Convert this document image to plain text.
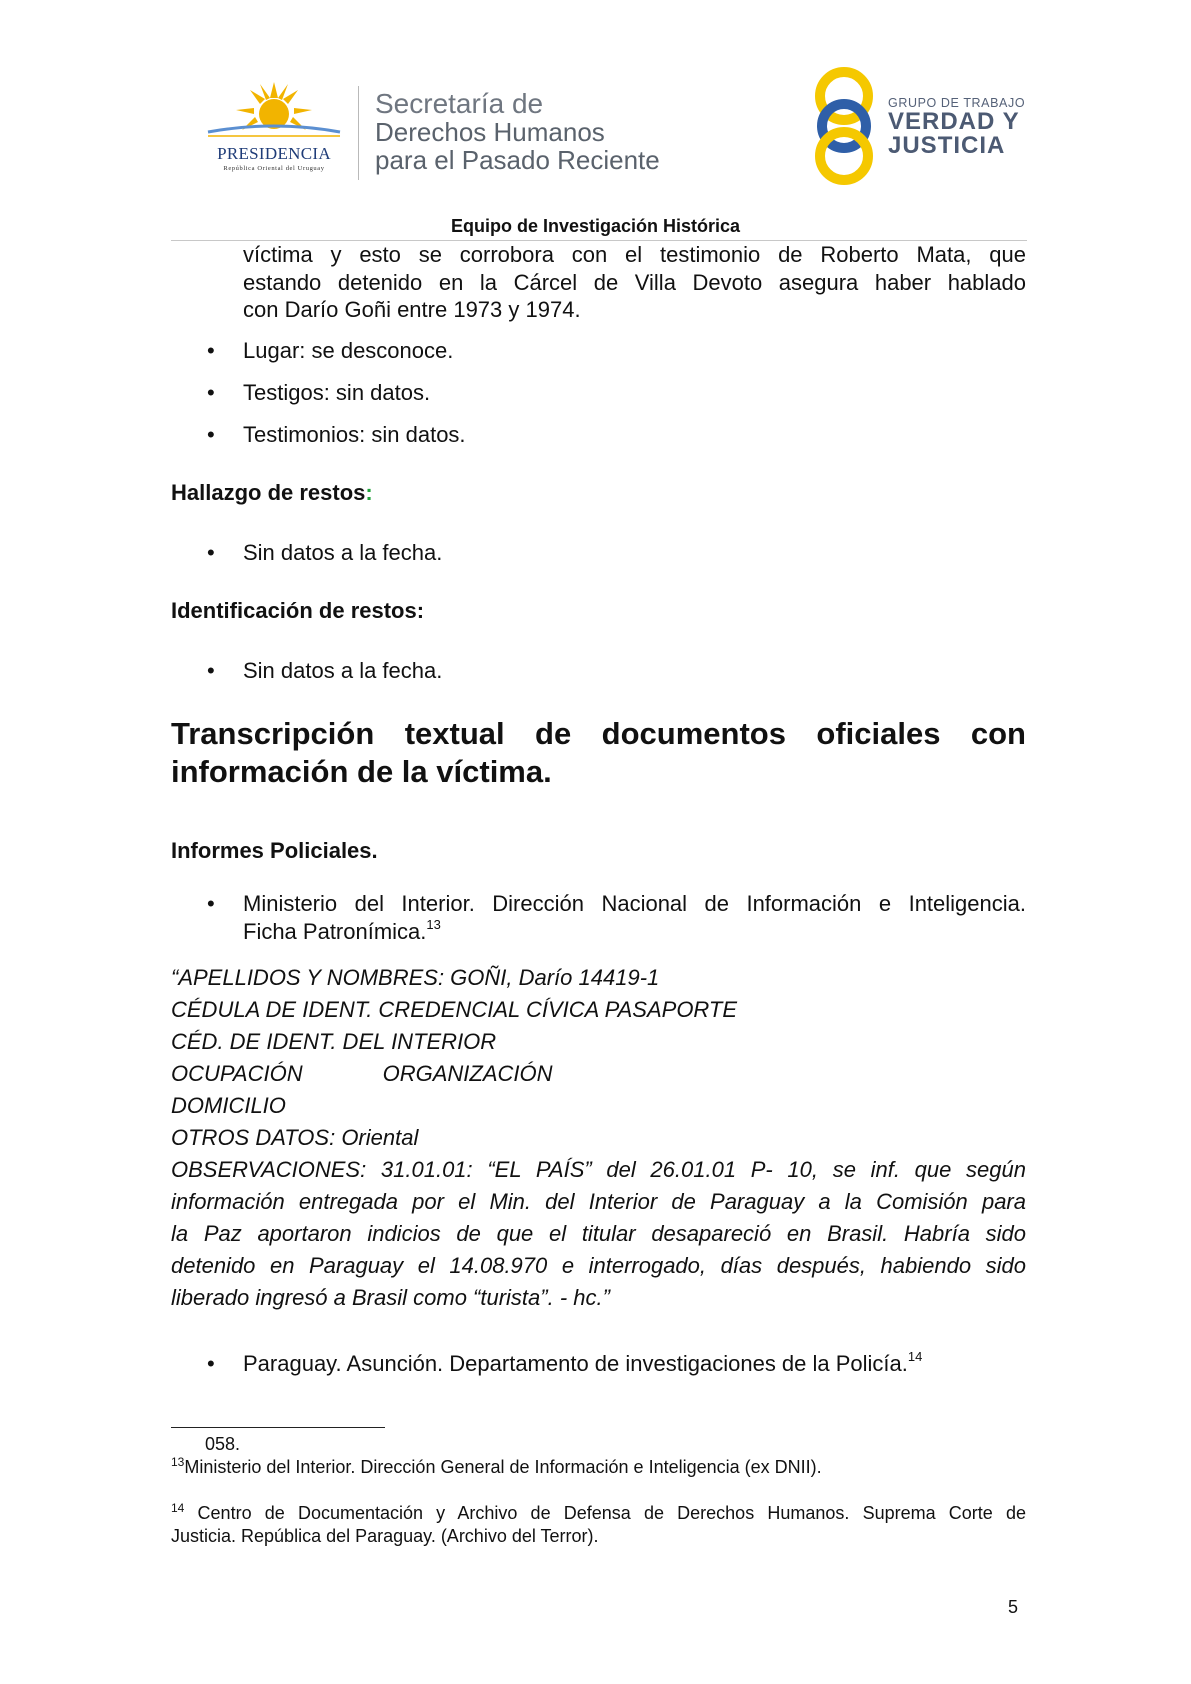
PRESIDENCIA
República Oriental del Uruguay
Secretaría de
Derechos Humanos
para el Pasado Reciente
GRUPO DE TRABAJO
VERDAD Y
JUSTICIA
Equipo de Investigación Histórica
víctima y esto se corrobora con el testimonio de Roberto Mata, que
estando detenido en la Cárcel de Villa Devoto asegura haber hablado
con Darío Goñi entre 1973 y 1974.
•	Lugar: se desconoce.
•	Testigos: sin datos.
•	Testimonios: sin datos.
Hallazgo de restos:
•	Sin datos a la fecha.
Identificación de restos:
•	Sin datos a la fecha.
Transcripción textual de documentos oficiales con
información de la víctima.
Informes Policiales.
•	Ministerio del Interior. Dirección Nacional de Información e Inteligencia.
Ficha Patronímica.$^{13}$
“APELLIDOS Y NOMBRES: GOÑI, Darío 14419-1
CÉDULA DE IDENT. CREDENCIAL CÍVICA PASAPORTE
CÉD. DE IDENT. DEL INTERIOR
OCUPACIÓN	ORGANIZACIÓN
DOMICILIO
OTROS DATOS: Oriental
OBSERVACIONES: 31.01.01: “EL PAÍS” del 26.01.01 P- 10, se inf. que según
información entregada por el Min. del Interior de Paraguay a la Comisión para
la Paz aportaron indicios de que el titular desapareció en Brasil. Habría sido
detenido en Paraguay el 14.08.970 e interrogado, días después, habiendo sido
liberado ingresó a Brasil como “turista”. - hc.”
•	Paraguay. Asunción. Departamento de investigaciones de la Policía.$^{14}$
058.
$^{13}$Ministerio del Interior. Dirección General de Información e Inteligencia (ex DNII).
$^{14}$ Centro de Documentación y Archivo de Defensa de Derechos Humanos. Suprema Corte de
Justicia. República del Paraguay. (Archivo del Terror).
5
